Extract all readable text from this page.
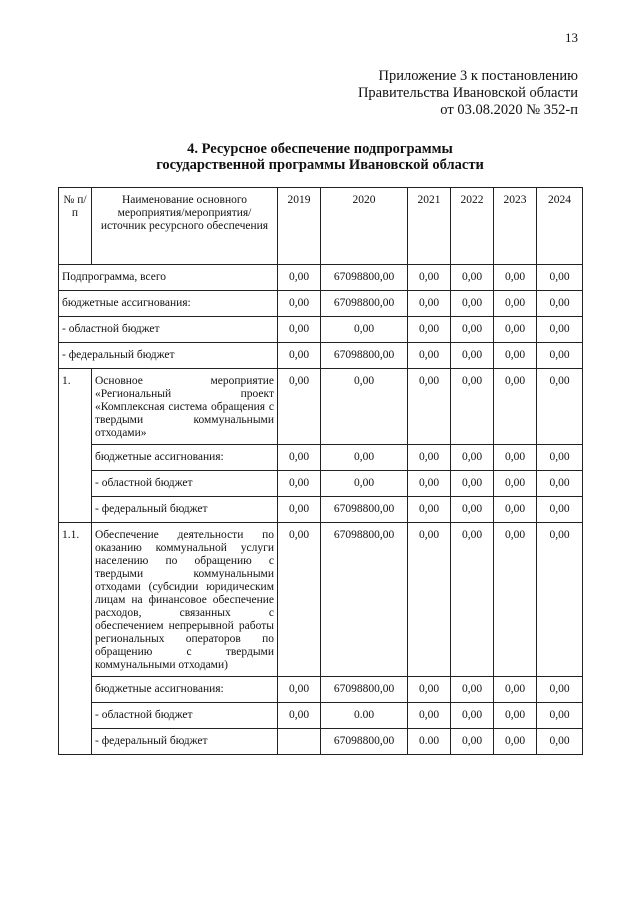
13
Приложение 3 к постановлению
Правительства Ивановской области
от 03.08.2020 № 352-п
4. Ресурсное обеспечение подпрограммы
государственной программы Ивановской области
№ п/п	Наименование основного мероприятия/мероприятия/ источник ресурсного обеспечения	2019	2020	2021	2022	2023	2024
Подпрограмма, всего		0,00	67098800,00	0,00	0,00	0,00	0,00
бюджетные ассигнования:		0,00	67098800,00	0,00	0,00	0,00	0,00
- областной бюджет		0,00	0,00	0,00	0,00	0,00	0,00
- федеральный бюджет		0,00	67098800,00	0,00	0,00	0,00	0,00
1.	Основное мероприятие «Региональный проект «Комплексная система обращения с твердыми коммунальными отходами»	0,00	0,00	0,00	0,00	0,00	0,00
	бюджетные ассигнования:	0,00	0,00	0,00	0,00	0,00	0,00
	- областной бюджет	0,00	0,00	0,00	0,00	0,00	0,00
	- федеральный бюджет	0,00	67098800,00	0,00	0,00	0,00	0,00
1.1.	Обеспечение деятельности по оказанию коммунальной услуги населению по обращению с твердыми коммунальными отходами (субсидии юридическим лицам на финансовое обеспечение расходов, связанных с обеспечением непрерывной работы региональных операторов по обращению с твердыми коммунальными отходами)	0,00	67098800,00	0,00	0,00	0,00	0,00
	бюджетные ассигнования:	0,00	67098800,00	0,00	0,00	0,00	0,00
	- областной бюджет	0,00	0.00	0,00	0,00	0,00	0,00
	- федеральный бюджет		67098800,00	0.00	0,00	0,00	0,00
